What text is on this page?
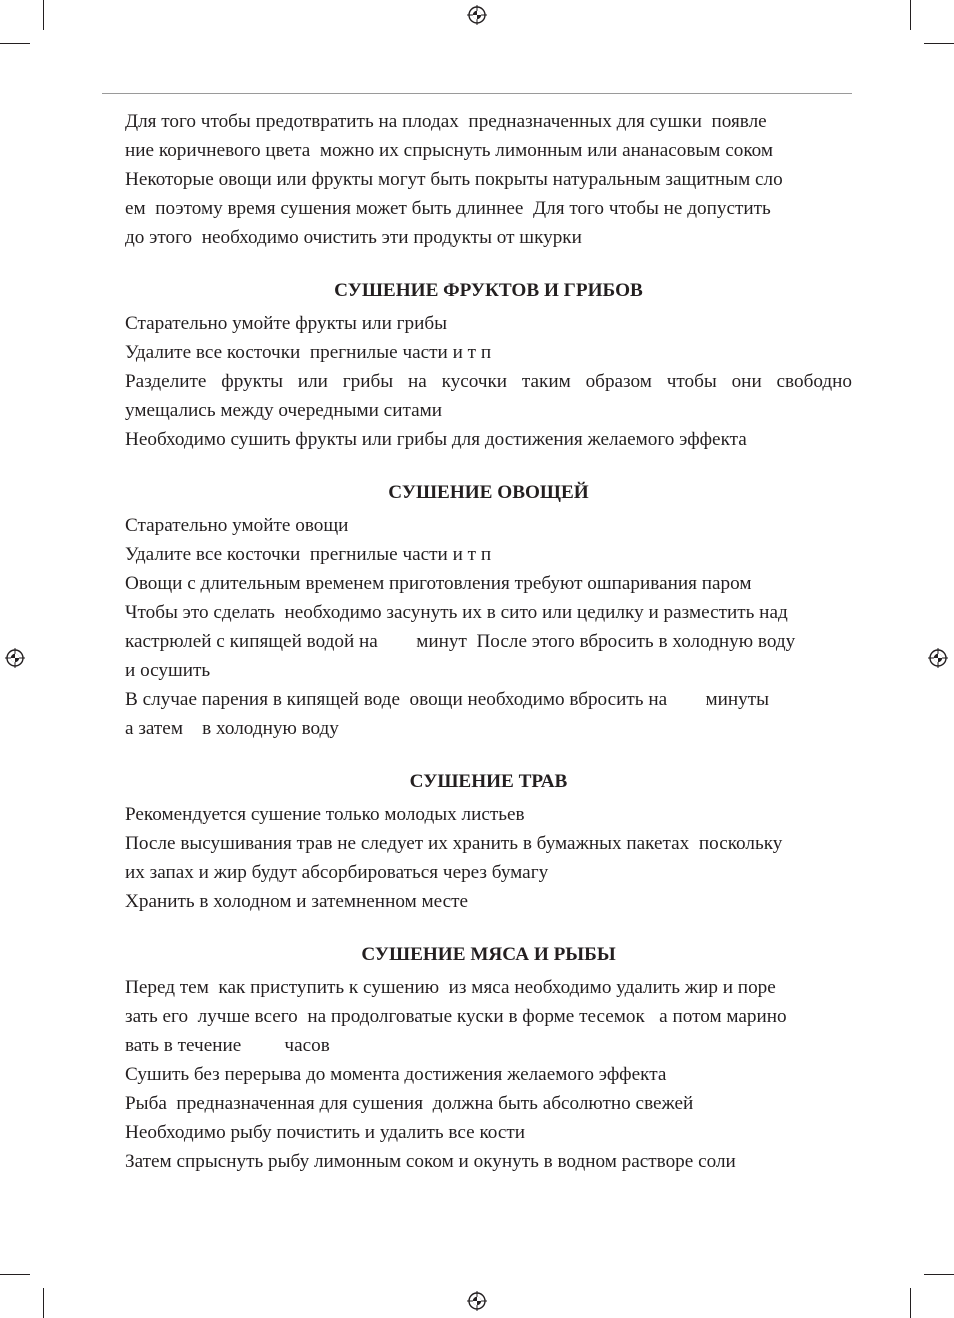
Для того чтобы предотвратить на плодах  предназначенных для сушки  появле
ние коричневого цвета  можно их спрыснуть лимонным или ананасовым соком
Некоторые овощи или фрукты могут быть покрыты натуральным защитным сло
ем  поэтому время сушения может быть длиннее  Для того чтобы не допустить
до этого  необходимо очистить эти продукты от шкурки
СУШЕНИЕ ФРУКТОВ И ГРИБОВ
Старательно умойте фрукты или грибы
Удалите все косточки  прегнилые части и т п
Разделите фрукты или грибы на кусочки таким образом чтобы они свободно
умещались между очередными ситами
Необходимо сушить фрукты или грибы для достижения желаемого эффекта
СУШЕНИЕ ОВОЩЕЙ
Старательно умойте овощи
Удалите все косточки  прегнилые части и т п
Овощи с длительным временем приготовления требуют ошпаривания паром
Чтобы это сделать  необходимо засунуть их в сито или цедилку и разместить над
кастрюлей с кипящей водой на        минут  После этого вбросить в холодную воду
и осушить
В случае парения в кипящей воде  овощи необходимо вбросить на        минуты
а затем    в холодную воду
СУШЕНИЕ ТРАВ
Рекомендуется сушение только молодых листьев
После высушивания трав не следует их хранить в бумажных пакетах  поскольку
их запах и жир будут абсорбироваться через бумагу
Хранить в холодном и затемненном месте
СУШЕНИЕ МЯСА И РЫБЫ
Перед тем  как приступить к сушению  из мяса необходимо удалить жир и поре
зать его  лучше всего  на продолговатые куски в форме тесемок   а потом марино
вать в течение         часов
Сушить без перерыва до момента достижения желаемого эффекта
Рыба  предназначенная для сушения  должна быть абсолютно свежей
Необходимо рыбу почистить и удалить все кости
Затем спрыснуть рыбу лимонным соком и окунуть в водном растворе соли
